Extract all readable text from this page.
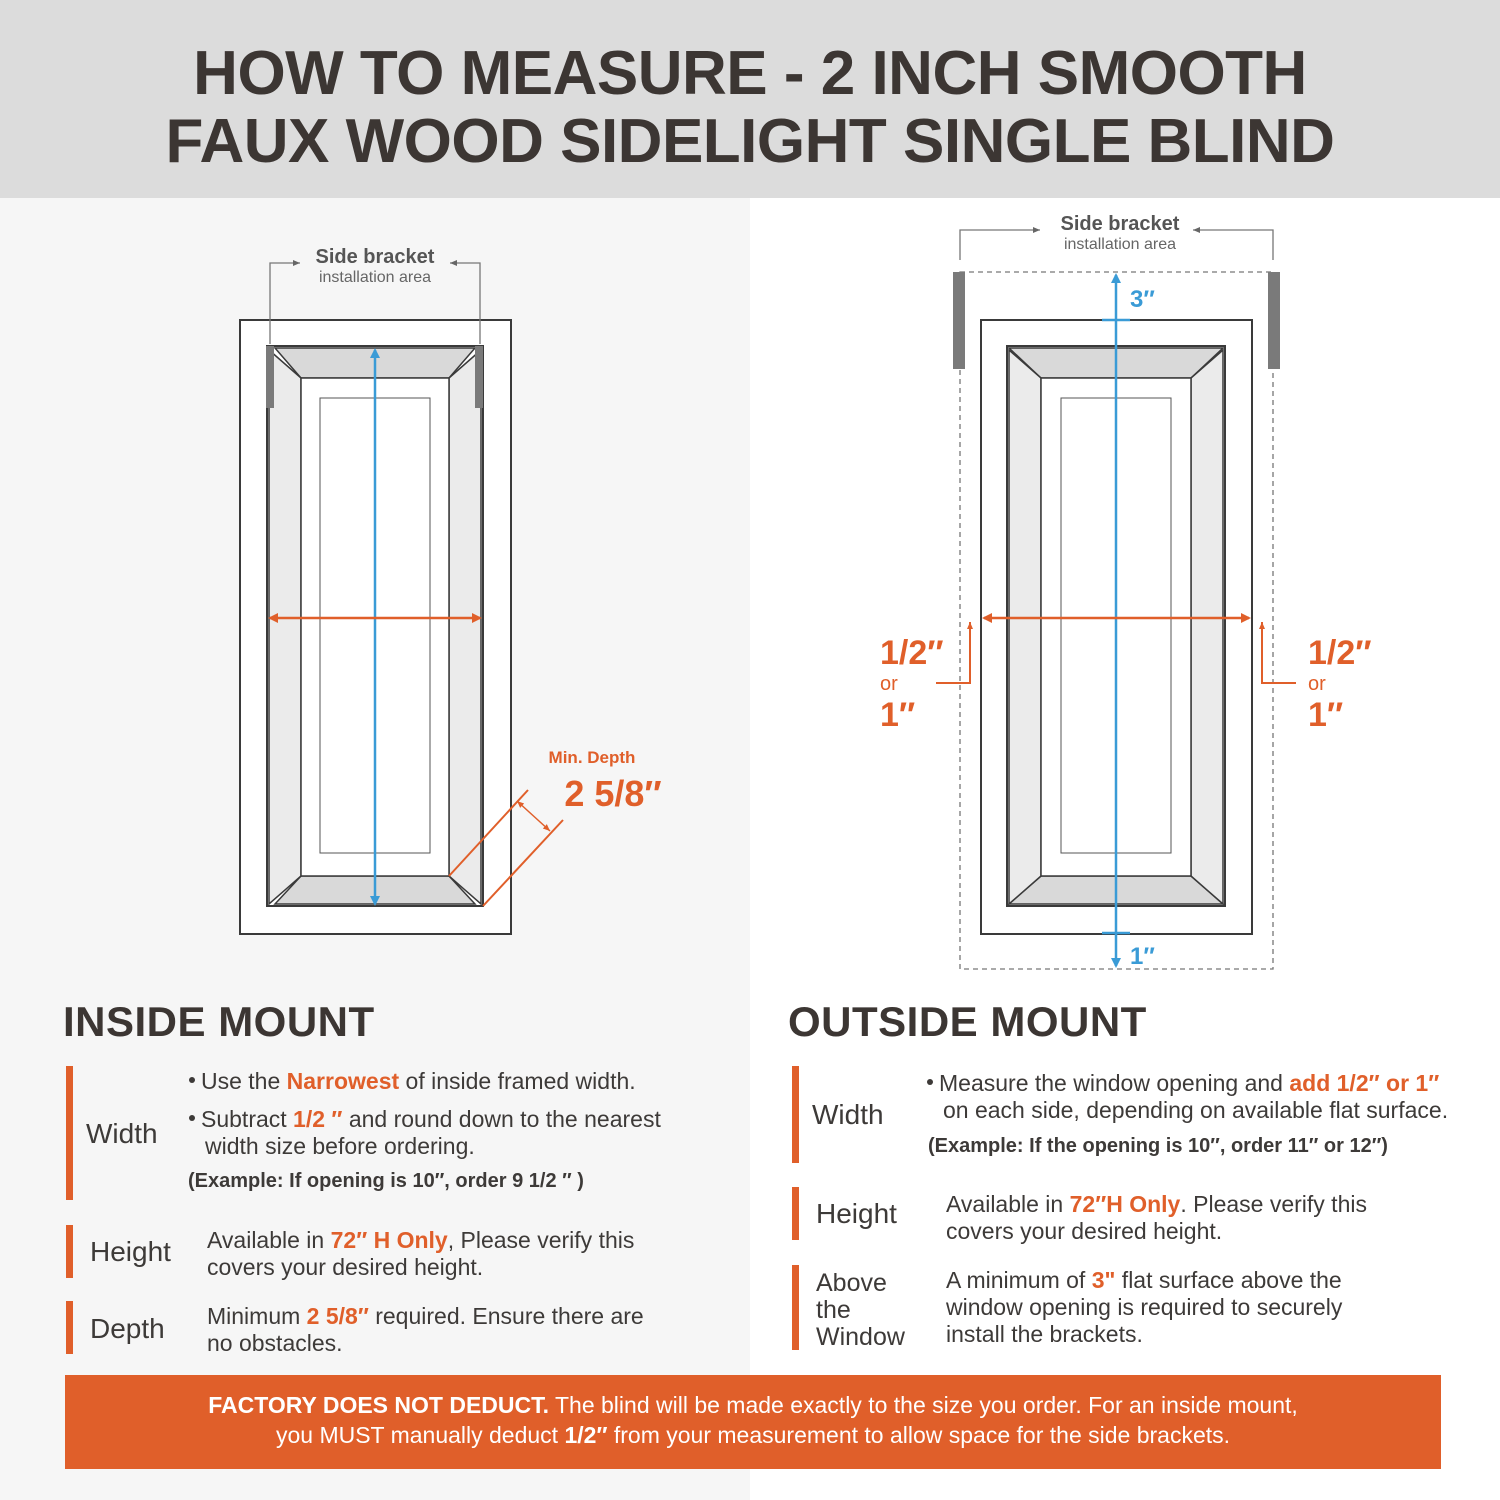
HOW TO MEASURE - 2 INCH SMOOTH
FAUX WOOD SIDELIGHT SINGLE BLIND
Side bracket
installation area
Min. Depth
2 5/8″
Side bracket
installation area
3″
1″
1/2″
or
1″
1/2″
or
1″
INSIDE MOUNT
Width
Use the Narrowest of inside framed width.
Subtract 1/2 ″ and round down to the nearest
width size before ordering.
(Example: If opening is 10″, order 9 1/2 ″ )
Height Available in 72″ H Only, Please verify this
covers your desired height.
Depth Minimum 2 5/8″ required. Ensure there are
no obstacles.
OUTSIDE MOUNT
Width
Measure the window opening and add 1/2″ or 1″
on each side, depending on available flat surface.
(Example: If the opening is 10″, order 11″ or 12″)
Height Available in 72″H Only. Please verify this
covers your desired height.
Above
the
Window
A minimum of 3" flat surface above the
window opening is required to securely
install the brackets.
FACTORY DOES NOT DEDUCT. The blind will be made exactly to the size you order. For an inside mount,
you MUST manually deduct 1/2″ from your measurement to allow space for the side brackets.
